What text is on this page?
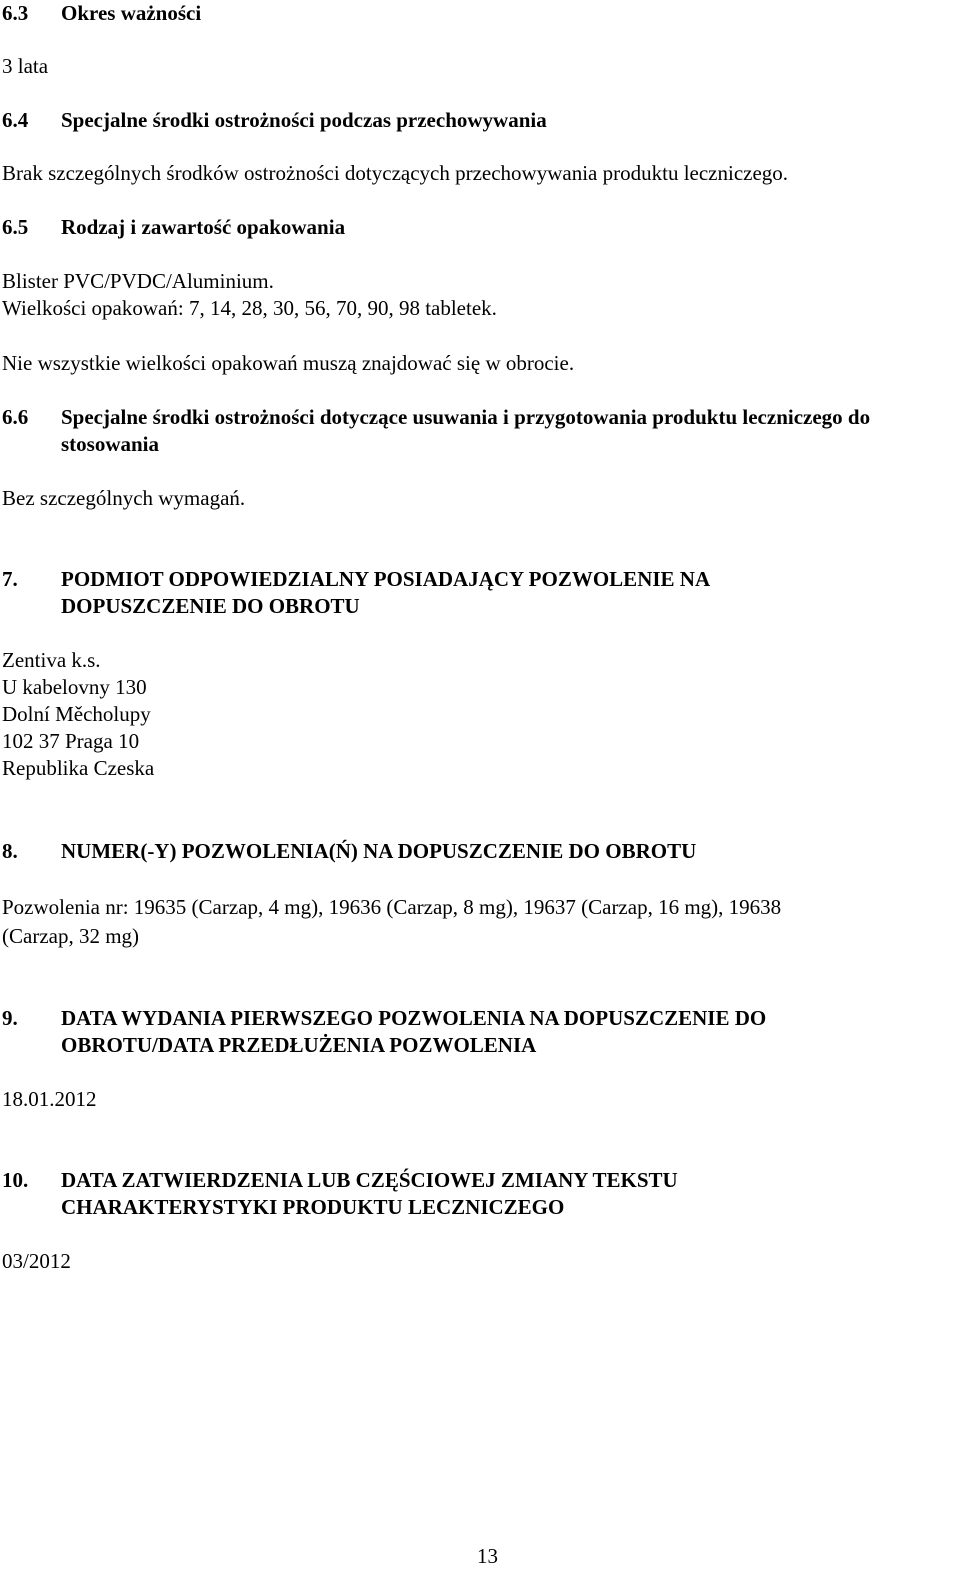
6.3 Okres ważności
3 lata
6.4 Specjalne środki ostrożności podczas przechowywania
Brak szczególnych środków ostrożności dotyczących przechowywania produktu leczniczego.
6.5 Rodzaj i zawartość opakowania
Blister PVC/PVDC/Aluminium.
Wielkości opakowań: 7, 14, 28, 30, 56, 70, 90, 98 tabletek.
Nie wszystkie wielkości opakowań muszą znajdować się w obrocie.
6.6 Specjalne środki ostrożności dotyczące usuwania i przygotowania produktu leczniczego do
stosowania
Bez szczególnych wymagań.
7. PODMIOT ODPOWIEDZIALNY POSIADAJĄCY POZWOLENIE NA
DOPUSZCZENIE DO OBROTU
Zentiva k.s.
U kabelovny 130
Dolní Měcholupy
102 37 Praga 10
Republika Czeska
8. NUMER(-Y) POZWOLENIA(Ń) NA DOPUSZCZENIE DO OBROTU
Pozwolenia nr: 19635 (Carzap, 4 mg), 19636 (Carzap, 8 mg), 19637 (Carzap, 16 mg), 19638
(Carzap, 32 mg)
9. DATA WYDANIA PIERWSZEGO POZWOLENIA NA DOPUSZCZENIE DO
OBROTU/DATA PRZEDŁUŻENIA POZWOLENIA
18.01.2012
10. DATA ZATWIERDZENIA LUB CZĘŚCIOWEJ ZMIANY TEKSTU
CHARAKTERYSTYKI PRODUKTU LECZNICZEGO
03/2012
13
